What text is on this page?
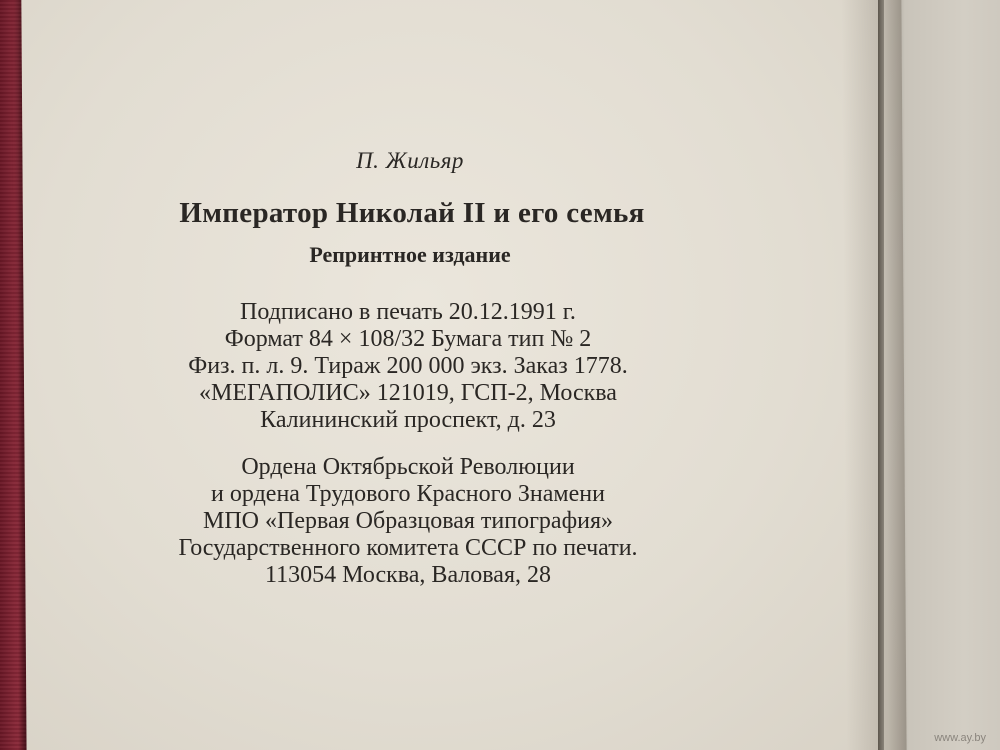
П. Жильяр
Император Николай II и его семья
Репринтное издание
Подписано в печать 20.12.1991 г.
Формат 84 × 108/32 Бумага тип № 2
Физ. п. л. 9. Тираж 200 000 экз. Заказ 1778.
«МЕГАПОЛИС» 121019, ГСП-2, Москва
Калининский проспект, д. 23
Ордена Октябрьской Революции
и ордена Трудового Красного Знамени
МПО «Первая Образцовая типография»
Государственного комитета СССР по печати.
113054 Москва, Валовая, 28
www.ay.by
